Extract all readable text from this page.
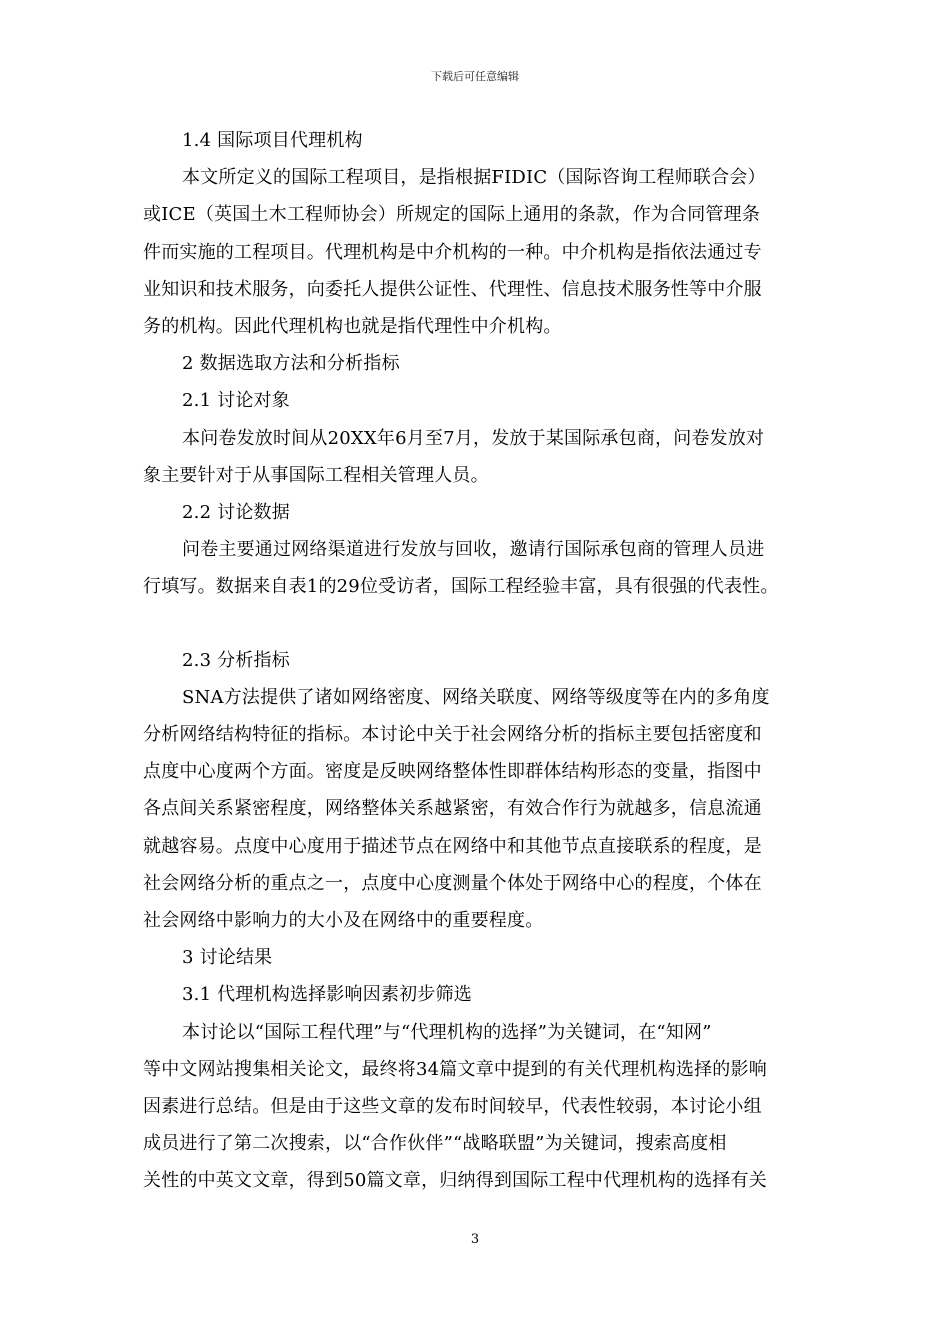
下载后可任意编辑
1.4 国际项目代理机构
本文所定义的国际工程项目，是指根据FIDIC（国际咨询工程师联合会）
或ICE（英国土木工程师协会）所规定的国际上通用的条款，作为合同管理条
件而实施的工程项目。代理机构是中介机构的一种。中介机构是指依法通过专
业知识和技术服务，向委托人提供公证性、代理性、信息技术服务性等中介服
务的机构。因此代理机构也就是指代理性中介机构。
2 数据选取方法和分析指标
2.1 讨论对象
本问卷发放时间从20XX年6月至7月，发放于某国际承包商，问卷发放对
象主要针对于从事国际工程相关管理人员。
2.2 讨论数据
问卷主要通过网络渠道进行发放与回收，邀请行国际承包商的管理人员进
行填写。数据来自表1的29位受访者，国际工程经验丰富，具有很强的代表性。
2.3 分析指标
SNA方法提供了诸如网络密度、网络关联度、网络等级度等在内的多角度
分析网络结构特征的指标。本讨论中关于社会网络分析的指标主要包括密度和
点度中心度两个方面。密度是反映网络整体性即群体结构形态的变量，指图中
各点间关系紧密程度，网络整体关系越紧密，有效合作行为就越多，信息流通
就越容易。点度中心度用于描述节点在网络中和其他节点直接联系的程度，是
社会网络分析的重点之一，点度中心度测量个体处于网络中心的程度，个体在
社会网络中影响力的大小及在网络中的重要程度。
3 讨论结果
3.1 代理机构选择影响因素初步筛选
本讨论以“国际工程代理”与“代理机构的选择”为关键词，在“知网”
等中文网站搜集相关论文，最终将34篇文章中提到的有关代理机构选择的影响
因素进行总结。但是由于这些文章的发布时间较早，代表性较弱，本讨论小组
成员进行了第二次搜索，以“合作伙伴”“战略联盟”为关键词，搜索高度相
关性的中英文文章，得到50篇文章，归纳得到国际工程中代理机构的选择有关
3
